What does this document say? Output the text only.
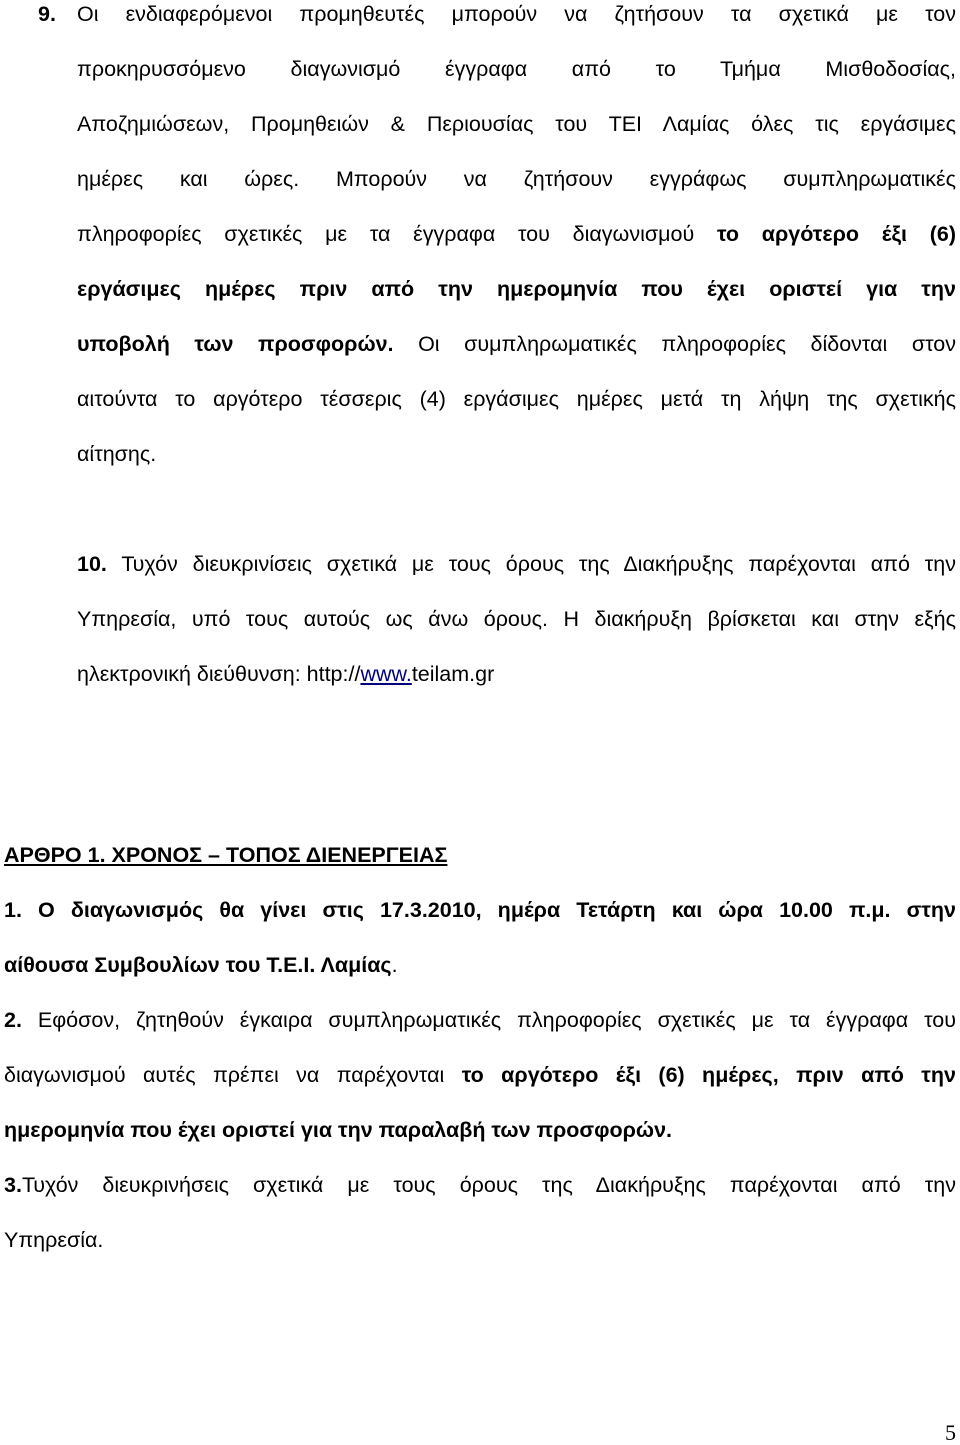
9. Οι ενδιαφερόμενοι προμηθευτές μπορούν να ζητήσουν τα σχετικά με τον
προκηρυσσόμενο διαγωνισμό έγγραφα από το Τμήμα Μισθοδοσίας,
Αποζημιώσεων, Προμηθειών & Περιουσίας του ΤΕΙ Λαμίας όλες τις εργάσιμες
ημέρες και ώρες. Μπορούν να ζητήσουν εγγράφως συμπληρωματικές
πληροφορίες σχετικές με τα έγγραφα του διαγωνισμού το αργότερο έξι (6)
εργάσιμες ημέρες πριν από την ημερομηνία που έχει οριστεί για την
υποβολή των προσφορών. Οι συμπληρωματικές πληροφορίες δίδονται στον
αιτούντα το αργότερο τέσσερις (4) εργάσιμες ημέρες μετά τη λήψη της σχετικής
αίτησης.
10. Τυχόν διευκρινίσεις σχετικά με τους όρους της Διακήρυξης παρέχονται από την
Υπηρεσία, υπό τους αυτούς ως άνω όρους. Η διακήρυξη βρίσκεται και στην εξής
ηλεκτρονική διεύθυνση: http://www.teilam.gr
ΑΡΘΡΟ 1. ΧΡΟΝΟΣ – ΤΟΠΟΣ ΔΙΕΝΕΡΓΕΙΑΣ
1. Ο διαγωνισμός θα γίνει στις 17.3.2010, ημέρα Τετάρτη και ώρα 10.00 π.μ. στην
αίθουσα Συμβουλίων του Τ.Ε.Ι. Λαμίας.
2. Εφόσον, ζητηθούν έγκαιρα συμπληρωματικές πληροφορίες σχετικές με τα έγγραφα του
διαγωνισμού αυτές πρέπει να παρέχονται το αργότερο έξι (6) ημέρες, πριν από την
ημερομηνία που έχει οριστεί για την παραλαβή των προσφορών.
3.Τυχόν διευκρινήσεις σχετικά με τους όρους της Διακήρυξης παρέχονται από την
Υπηρεσία.
5
